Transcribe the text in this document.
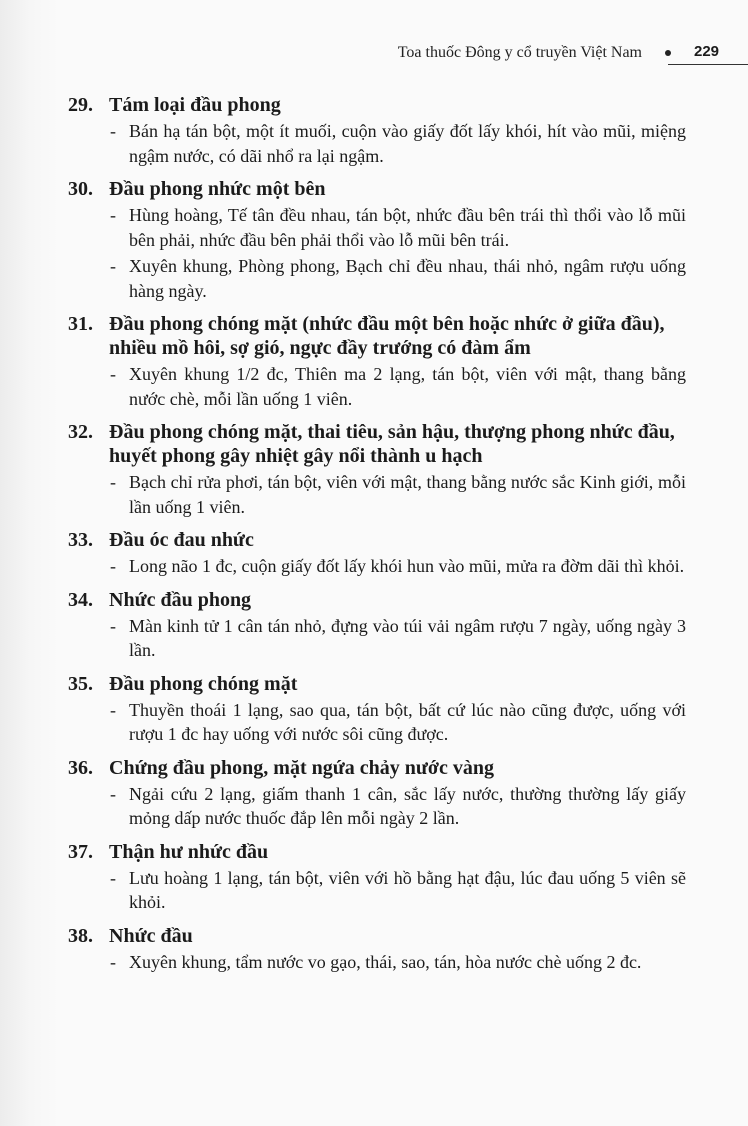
Toa thuốc Đông y cổ truyền Việt Nam	229
29. Tám loại đầu phong
- Bán hạ tán bột, một ít muối, cuộn vào giấy đốt lấy khói, hít vào mũi, miệng ngậm nước, có dãi nhổ ra lại ngậm.
30. Đầu phong nhức một bên
- Hùng hoàng, Tế tân đều nhau, tán bột, nhức đầu bên trái thì thổi vào lỗ mũi bên phải, nhức đầu bên phải thổi vào lỗ mũi bên trái.
- Xuyên khung, Phòng phong, Bạch chỉ đều nhau, thái nhỏ, ngâm rượu uống hàng ngày.
31. Đầu phong chóng mặt (nhức đầu một bên hoặc nhức ở giữa đầu), nhiều mồ hôi, sợ gió, ngực đầy trướng có đàm ẩm
- Xuyên khung 1/2 đc, Thiên ma 2 lạng, tán bột, viên với mật, thang bằng nước chè, mỗi lần uống 1 viên.
32. Đầu phong chóng mặt, thai tiêu, sản hậu, thượng phong nhức đầu, huyết phong gây nhiệt gây nổi thành u hạch
- Bạch chỉ rửa phơi, tán bột, viên với mật, thang bằng nước sắc Kinh giới, mỗi lần uống 1 viên.
33. Đầu óc đau nhức
- Long não 1 đc, cuộn giấy đốt lấy khói hun vào mũi, mửa ra đờm dãi thì khỏi.
34. Nhức đầu phong
- Màn kinh tử 1 cân tán nhỏ, đựng vào túi vải ngâm rượu 7 ngày, uống ngày 3 lần.
35. Đầu phong chóng mặt
- Thuyền thoái 1 lạng, sao qua, tán bột, bất cứ lúc nào cũng được, uống với rượu 1 đc hay uống với nước sôi cũng được.
36. Chứng đầu phong, mặt ngứa chảy nước vàng
- Ngải cứu 2 lạng, giấm thanh 1 cân, sắc lấy nước, thường thường lấy giấy mỏng dấp nước thuốc đắp lên mỗi ngày 2 lần.
37. Thận hư nhức đầu
- Lưu hoàng 1 lạng, tán bột, viên với hồ bằng hạt đậu, lúc đau uống 5 viên sẽ khỏi.
38. Nhức đầu
- Xuyên khung, tẩm nước vo gạo, thái, sao, tán, hòa nước chè uống 2 đc.
